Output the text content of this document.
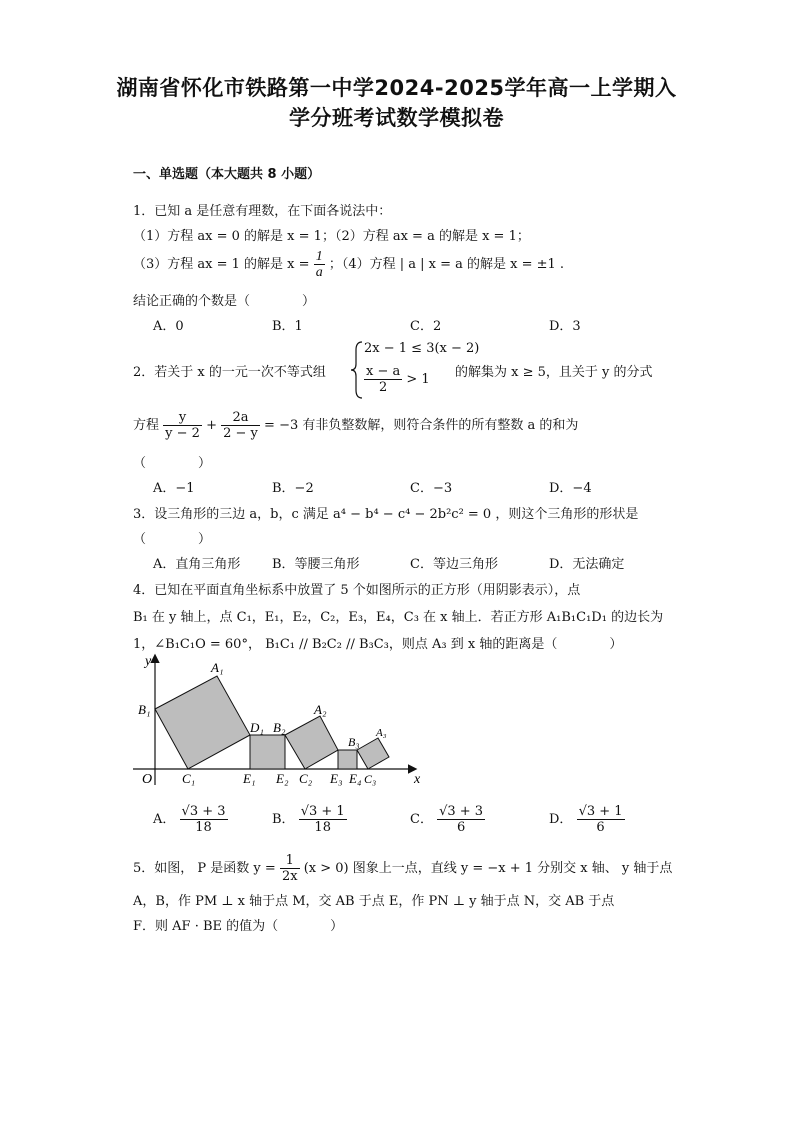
湖南省怀化市铁路第一中学2024-2025学年高一上学期入
学分班考试数学模拟卷
一、单选题（本大题共 8 小题）
1．已知 a 是任意有理数，在下面各说法中：
（1）方程 ax = 0 的解是 x = 1；（2）方程 ax = a 的解是 x = 1；
（3）方程 ax = 1 的解是 $x = \frac{1}{a}$ ；（4）方程 | a | x = a 的解是 x = ±1 .
结论正确的个数是（　　　　）
A．0	B．1	C．2	D．3
2．若关于 x 的一元一次不等式组
2x − 1 ≤ 3(x − 2)
$\frac{x - a}{2} > 1$ 的解集为 x ≥ 5，且关于 y 的分式
方程 $\frac{y}{y - 2} + \frac{2a}{2 - y} = -3$ 有非负整数解，则符合条件的所有整数 a 的和为
（　　　　）
A．−1	B．−2	C．−3	D．−4
3．设三角形的三边 a，b，c 满足 a⁴ − b⁴ − c⁴ − 2b²c² = 0 ，则这个三角形的形状是
（　　　　）
A．直角三角形 B．等腰三角形	C．等边三角形	D．无法确定
4．已知在平面直角坐标系中放置了 5 个如图所示的正方形（用阴影表示），点
B₁ 在 y 轴上，点 C₁，E₁，E₂，C₂，E₃，E₄，C₃ 在 x 轴上．若正方形 A₁B₁C₁D₁ 的边长为
1，∠B₁C₁O = 60°， B₁C₁ // B₂C₂ // B₃C₃，则点 A₃ 到 x 轴的距离是（　　　　）
y
x
O
A₁
B₁
C₁
D₁ B₂
A₂
E₁ E₂ C₂
B₃
A₃
E₃ E₄ C₃
A． $\frac{√3 + 3}{18}$	B． $\frac{√3 + 1}{18}$	C． $\frac{√3 + 3}{6}$	D． $\frac{√3 + 1}{6}$
5．如图， P 是函数 $y = \frac{1}{2x} (x > 0)$ 图象上一点，直线 y = −x + 1 分别交 x 轴、 y 轴于点
A，B，作 PM ⊥ x 轴于点 M，交 AB 于点 E，作 PN ⊥ y 轴于点 N，交 AB 于点
F．则 AF · BE 的值为（　　　　）
